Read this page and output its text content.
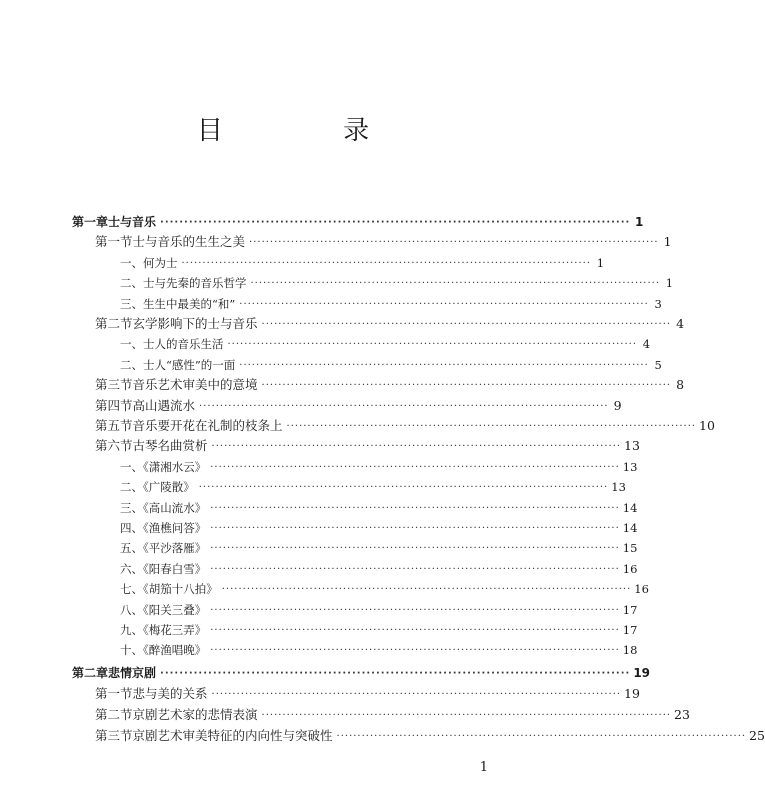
目 录
第一章 士与音乐 ·································································································· 1
第一节 士与音乐的生生之美 ·································································································· 1
一、何为士 ·································································································· 1
二、士与先秦的音乐哲学 ·································································································· 1
三、生生中最美的“和” ·································································································· 3
第二节 玄学影响下的士与音乐 ·································································································· 4
一、士人的音乐生活 ·································································································· 4
二、士人“感性”的一面 ·································································································· 5
第三节 音乐艺术审美中的意境 ·································································································· 8
第四节 高山遇流水 ·································································································· 9
第五节 音乐要开花在礼制的枝条上 ·································································································· 10
第六节 古琴名曲赏析 ·································································································· 13
一、《潇湘水云》 ·································································································· 13
二、《广陵散》 ·································································································· 13
三、《高山流水》 ·································································································· 14
四、《渔樵问答》 ·································································································· 14
五、《平沙落雁》 ·································································································· 15
六、《阳春白雪》 ·································································································· 16
七、《胡笳十八拍》 ·································································································· 16
八、《阳关三叠》 ·································································································· 17
九、《梅花三弄》 ·································································································· 17
十、《醉渔唱晚》 ·································································································· 18
1
第二章 悲情京剧 ·································································································· 19
第一节 悲与美的关系 ·································································································· 19
第二节 京剧艺术家的悲情表演 ·································································································· 23
第三节 京剧艺术审美特征的内向性与突破性 ·································································································· 25
